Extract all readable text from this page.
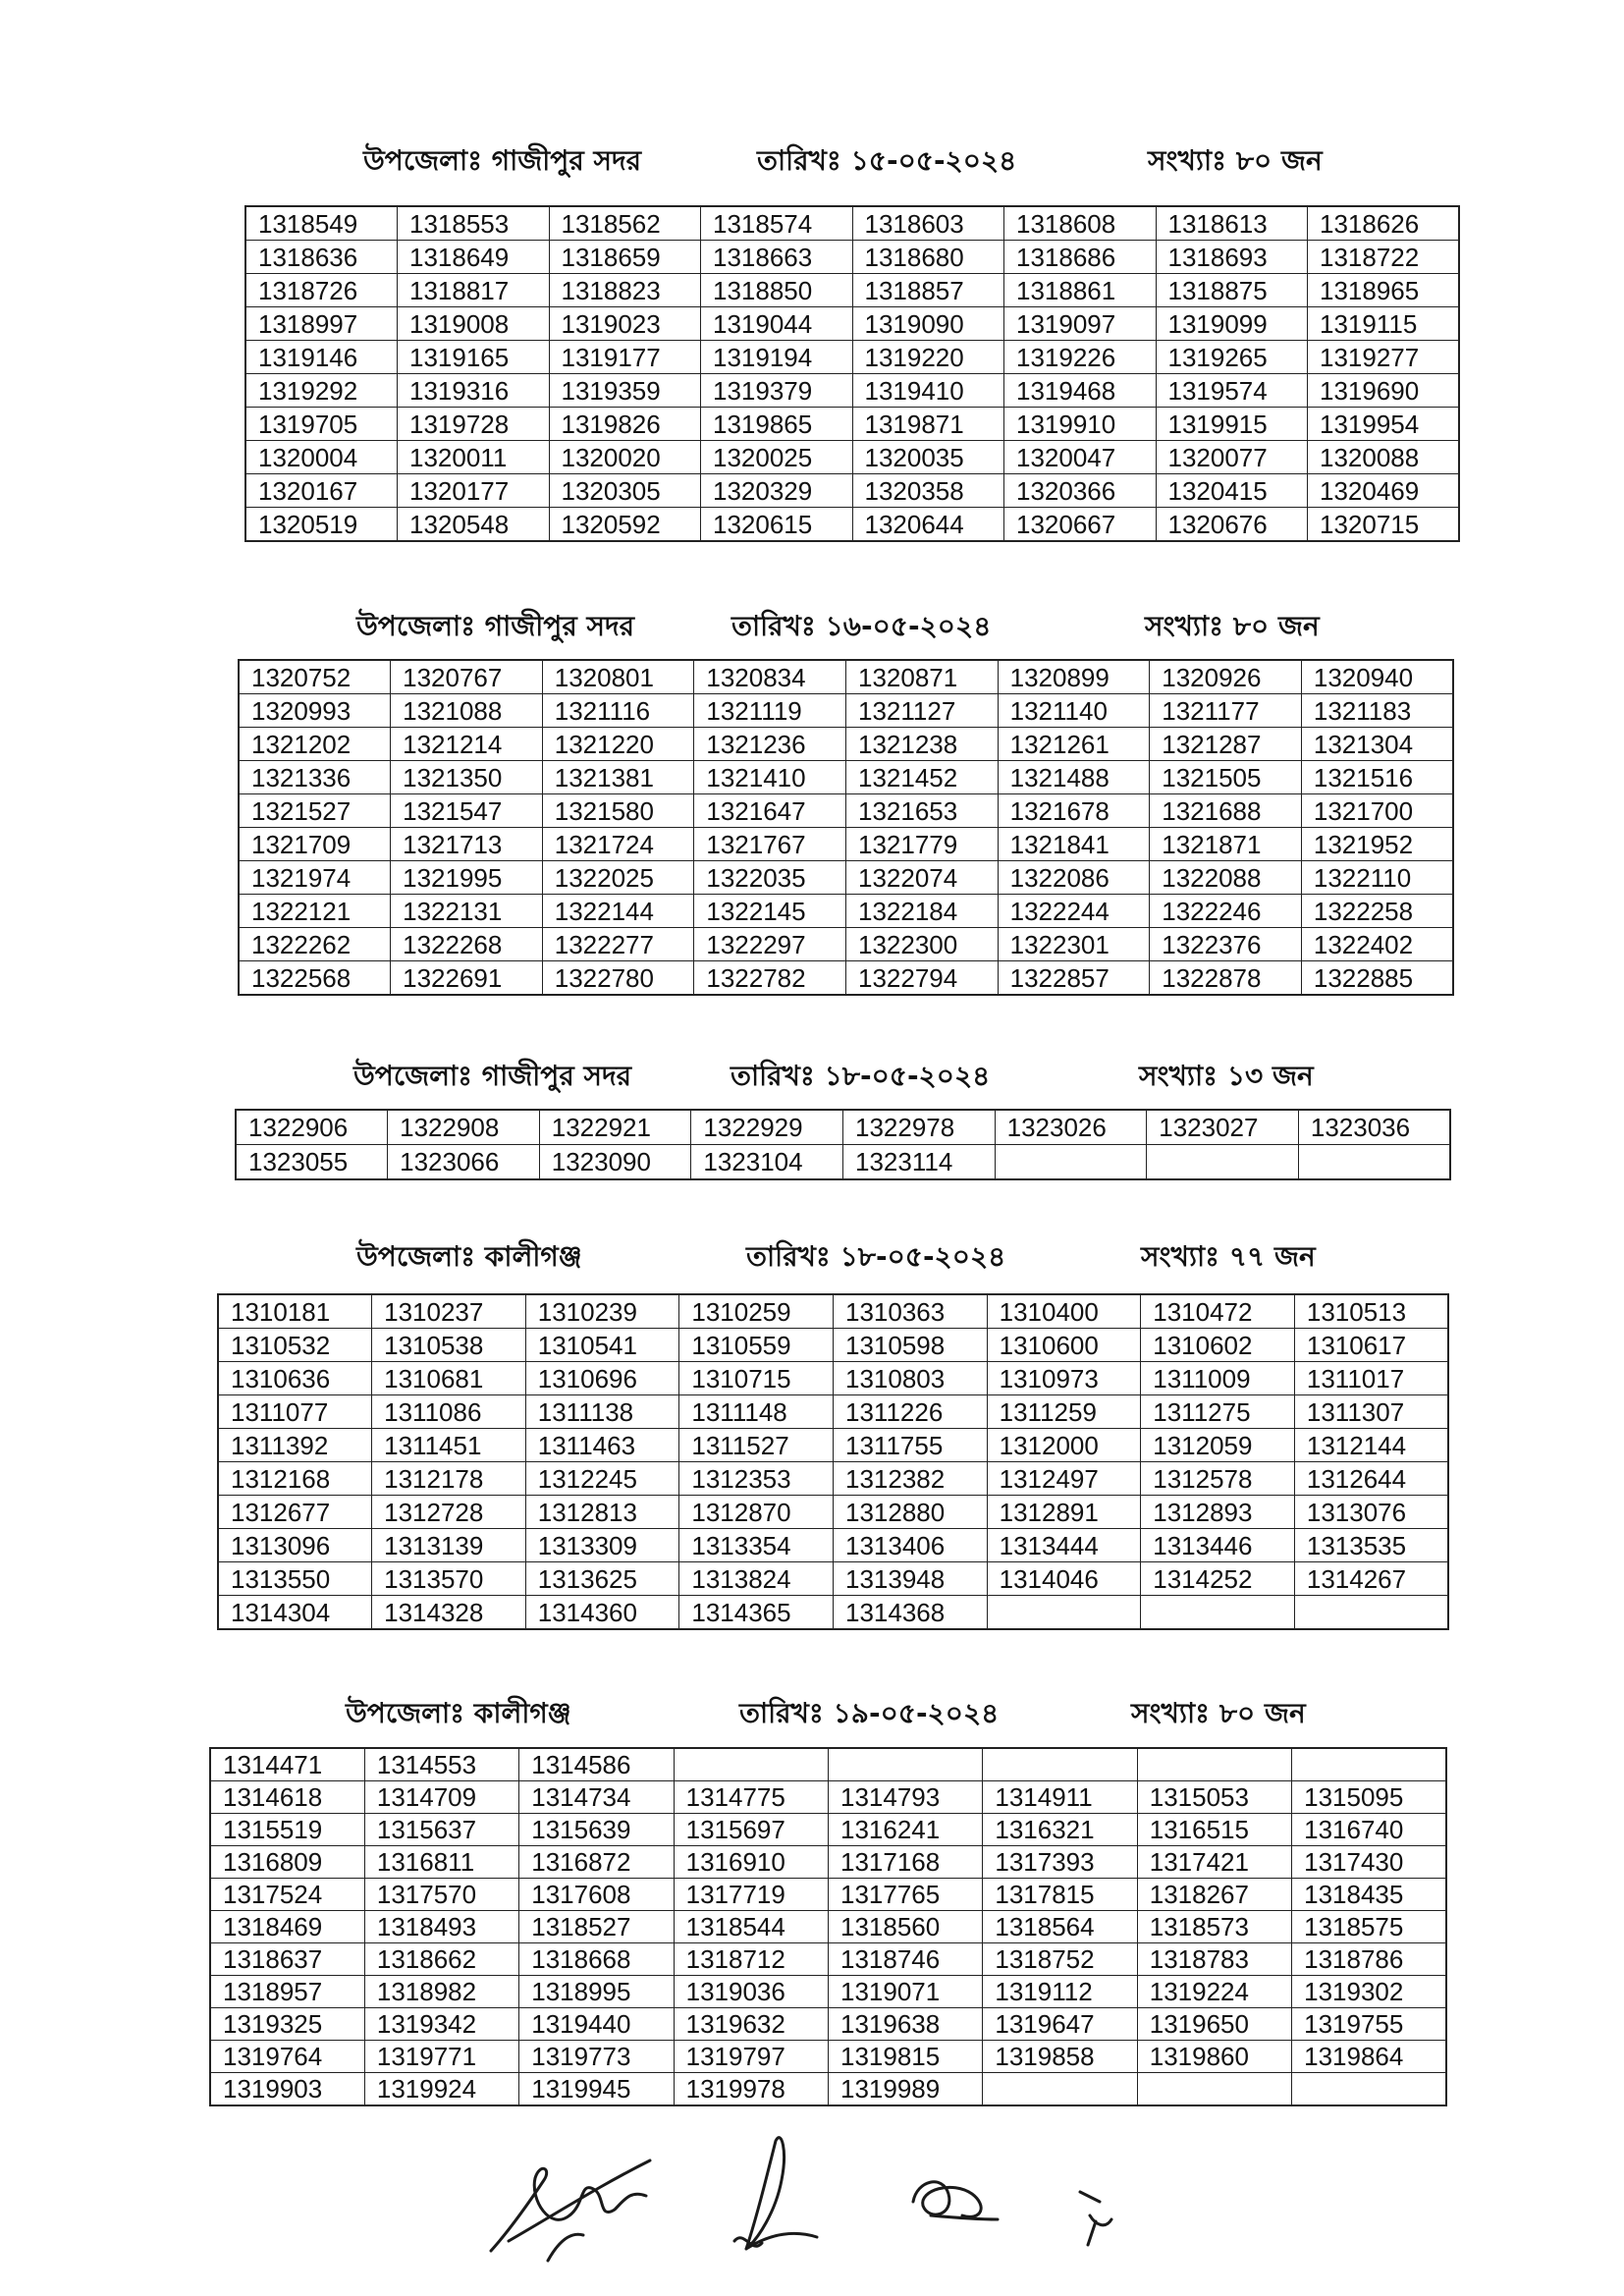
উপজেলাঃ গাজীপুর সদর	তারিখঃ ১৫-০৫-২০২৪	সংখ্যাঃ ৮০ জন
1318549	1318553	1318562	1318574	1318603	1318608	1318613	1318626
1318636	1318649	1318659	1318663	1318680	1318686	1318693	1318722
1318726	1318817	1318823	1318850	1318857	1318861	1318875	1318965
1318997	1319008	1319023	1319044	1319090	1319097	1319099	1319115
1319146	1319165	1319177	1319194	1319220	1319226	1319265	1319277
1319292	1319316	1319359	1319379	1319410	1319468	1319574	1319690
1319705	1319728	1319826	1319865	1319871	1319910	1319915	1319954
1320004	1320011	1320020	1320025	1320035	1320047	1320077	1320088
1320167	1320177	1320305	1320329	1320358	1320366	1320415	1320469
1320519	1320548	1320592	1320615	1320644	1320667	1320676	1320715
উপজেলাঃ গাজীপুর সদর	তারিখঃ ১৬-০৫-২০২৪	সংখ্যাঃ ৮০ জন
1320752	1320767	1320801	1320834	1320871	1320899	1320926	1320940
1320993	1321088	1321116	1321119	1321127	1321140	1321177	1321183
1321202	1321214	1321220	1321236	1321238	1321261	1321287	1321304
1321336	1321350	1321381	1321410	1321452	1321488	1321505	1321516
1321527	1321547	1321580	1321647	1321653	1321678	1321688	1321700
1321709	1321713	1321724	1321767	1321779	1321841	1321871	1321952
1321974	1321995	1322025	1322035	1322074	1322086	1322088	1322110
1322121	1322131	1322144	1322145	1322184	1322244	1322246	1322258
1322262	1322268	1322277	1322297	1322300	1322301	1322376	1322402
1322568	1322691	1322780	1322782	1322794	1322857	1322878	1322885
উপজেলাঃ গাজীপুর সদর	তারিখঃ ১৮-০৫-২০২৪	সংখ্যাঃ ১৩ জন
1322906	1322908	1322921	1322929	1322978	1323026	1323027	1323036
1323055	1323066	1323090	1323104	1323114			
উপজেলাঃ কালীগঞ্জ	তারিখঃ ১৮-০৫-২০২৪	সংখ্যাঃ ৭৭ জন
1310181	1310237	1310239	1310259	1310363	1310400	1310472	1310513
1310532	1310538	1310541	1310559	1310598	1310600	1310602	1310617
1310636	1310681	1310696	1310715	1310803	1310973	1311009	1311017
1311077	1311086	1311138	1311148	1311226	1311259	1311275	1311307
1311392	1311451	1311463	1311527	1311755	1312000	1312059	1312144
1312168	1312178	1312245	1312353	1312382	1312497	1312578	1312644
1312677	1312728	1312813	1312870	1312880	1312891	1312893	1313076
1313096	1313139	1313309	1313354	1313406	1313444	1313446	1313535
1313550	1313570	1313625	1313824	1313948	1314046	1314252	1314267
1314304	1314328	1314360	1314365	1314368			
উপজেলাঃ কালীগঞ্জ	তারিখঃ ১৯-০৫-২০২৪	সংখ্যাঃ ৮০ জন
1314471	1314553	1314586					
1314618	1314709	1314734	1314775	1314793	1314911	1315053	1315095
1315519	1315637	1315639	1315697	1316241	1316321	1316515	1316740
1316809	1316811	1316872	1316910	1317168	1317393	1317421	1317430
1317524	1317570	1317608	1317719	1317765	1317815	1318267	1318435
1318469	1318493	1318527	1318544	1318560	1318564	1318573	1318575
1318637	1318662	1318668	1318712	1318746	1318752	1318783	1318786
1318957	1318982	1318995	1319036	1319071	1319112	1319224	1319302
1319325	1319342	1319440	1319632	1319638	1319647	1319650	1319755
1319764	1319771	1319773	1319797	1319815	1319858	1319860	1319864
1319903	1319924	1319945	1319978	1319989			
